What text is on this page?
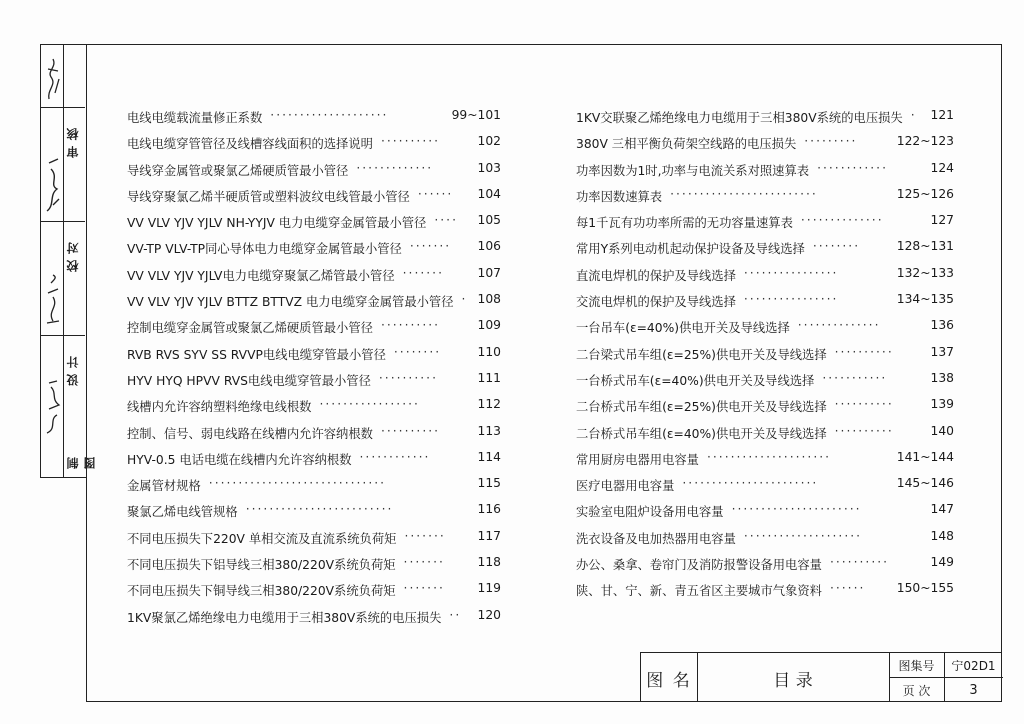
审核
校对
设计
制图
电线电缆载流量修正系数 ····················	99~101
电线电缆穿管管径及线槽容线面积的选择说明 ··········	102
导线穿金属管或聚氯乙烯硬质管最小管径 ·············	103
导线穿聚氯乙烯半硬质管或塑料波纹电线管最小管径 ······	104
VV VLV YJV YJLV NH-YYJV 电力电缆穿金属管最小管径 ····	105
VV-TP VLV-TP同心导体电力电缆穿金属管最小管径 ·······	106
VV VLV YJV YJLV电力电缆穿聚氯乙烯管最小管径 ·······	107
VV VLV YJV YJLV BTTZ BTTVZ 电力电缆穿金属管最小管径 · 108
控制电缆穿金属管或聚氯乙烯硬质管最小管径 ··········	109
RVB RVS SYV SS RVVP电线电缆穿管最小管径 ········	110
HYV HYQ HPVV RVS电线电缆穿管最小管径 ··········	111
线槽内允许容纳塑料绝缘电线根数 ·················	112
控制、信号、弱电线路在线槽内允许容纳根数 ··········	113
HYV-0.5 电话电缆在线槽内允许容纳根数 ············	114
金属管材规格 ······························	115
聚氯乙烯电线管规格 ·························	116
不同电压损失下220V 单相交流及直流系统负荷矩 ·······	117
不同电压损失下铝导线三相380/220V系统负荷矩 ·······	118
不同电压损失下铜导线三相380/220V系统负荷矩 ·······	119
1KV聚氯乙烯绝缘电力电缆用于三相380V系统的电压损失 ··	120
1KV交联聚乙烯绝缘电力电缆用于三相380V系统的电压损失 ·	121
380V 三相平衡负荷架空线路的电压损失 ·········	122~123
功率因数为1时,功率与电流关系对照速算表 ············	124
功率因数速算表 ·························	125~126
每1千瓦有功功率所需的无功容量速算表 ··············	127
常用Y系列电动机起动保护设备及导线选择 ········	128~131
直流电焊机的保护及导线选择 ················	132~133
交流电焊机的保护及导线选择 ················	134~135
一台吊车(ε=40%)供电开关及导线选择 ··············	136
二台梁式吊车组(ε=25%)供电开关及导线选择 ··········	137
一台桥式吊车(ε=40%)供电开关及导线选择 ···········	138
二台桥式吊车组(ε=25%)供电开关及导线选择 ··········	139
二台桥式吊车组(ε=40%)供电开关及导线选择 ··········	140
常用厨房电器用电容量 ·····················	141~144
医疗电器用电容量 ·······················	145~146
实验室电阻炉设备用电容量 ······················	147
洗衣设备及电加热器用电容量 ····················	148
办公、桑拿、卷帘门及消防报警设备用电容量 ··········	149
陕、甘、宁、新、青五省区主要城市气象资料 ······	150~155
图 名	目 录
图集号	宁02D1
页 次	3
